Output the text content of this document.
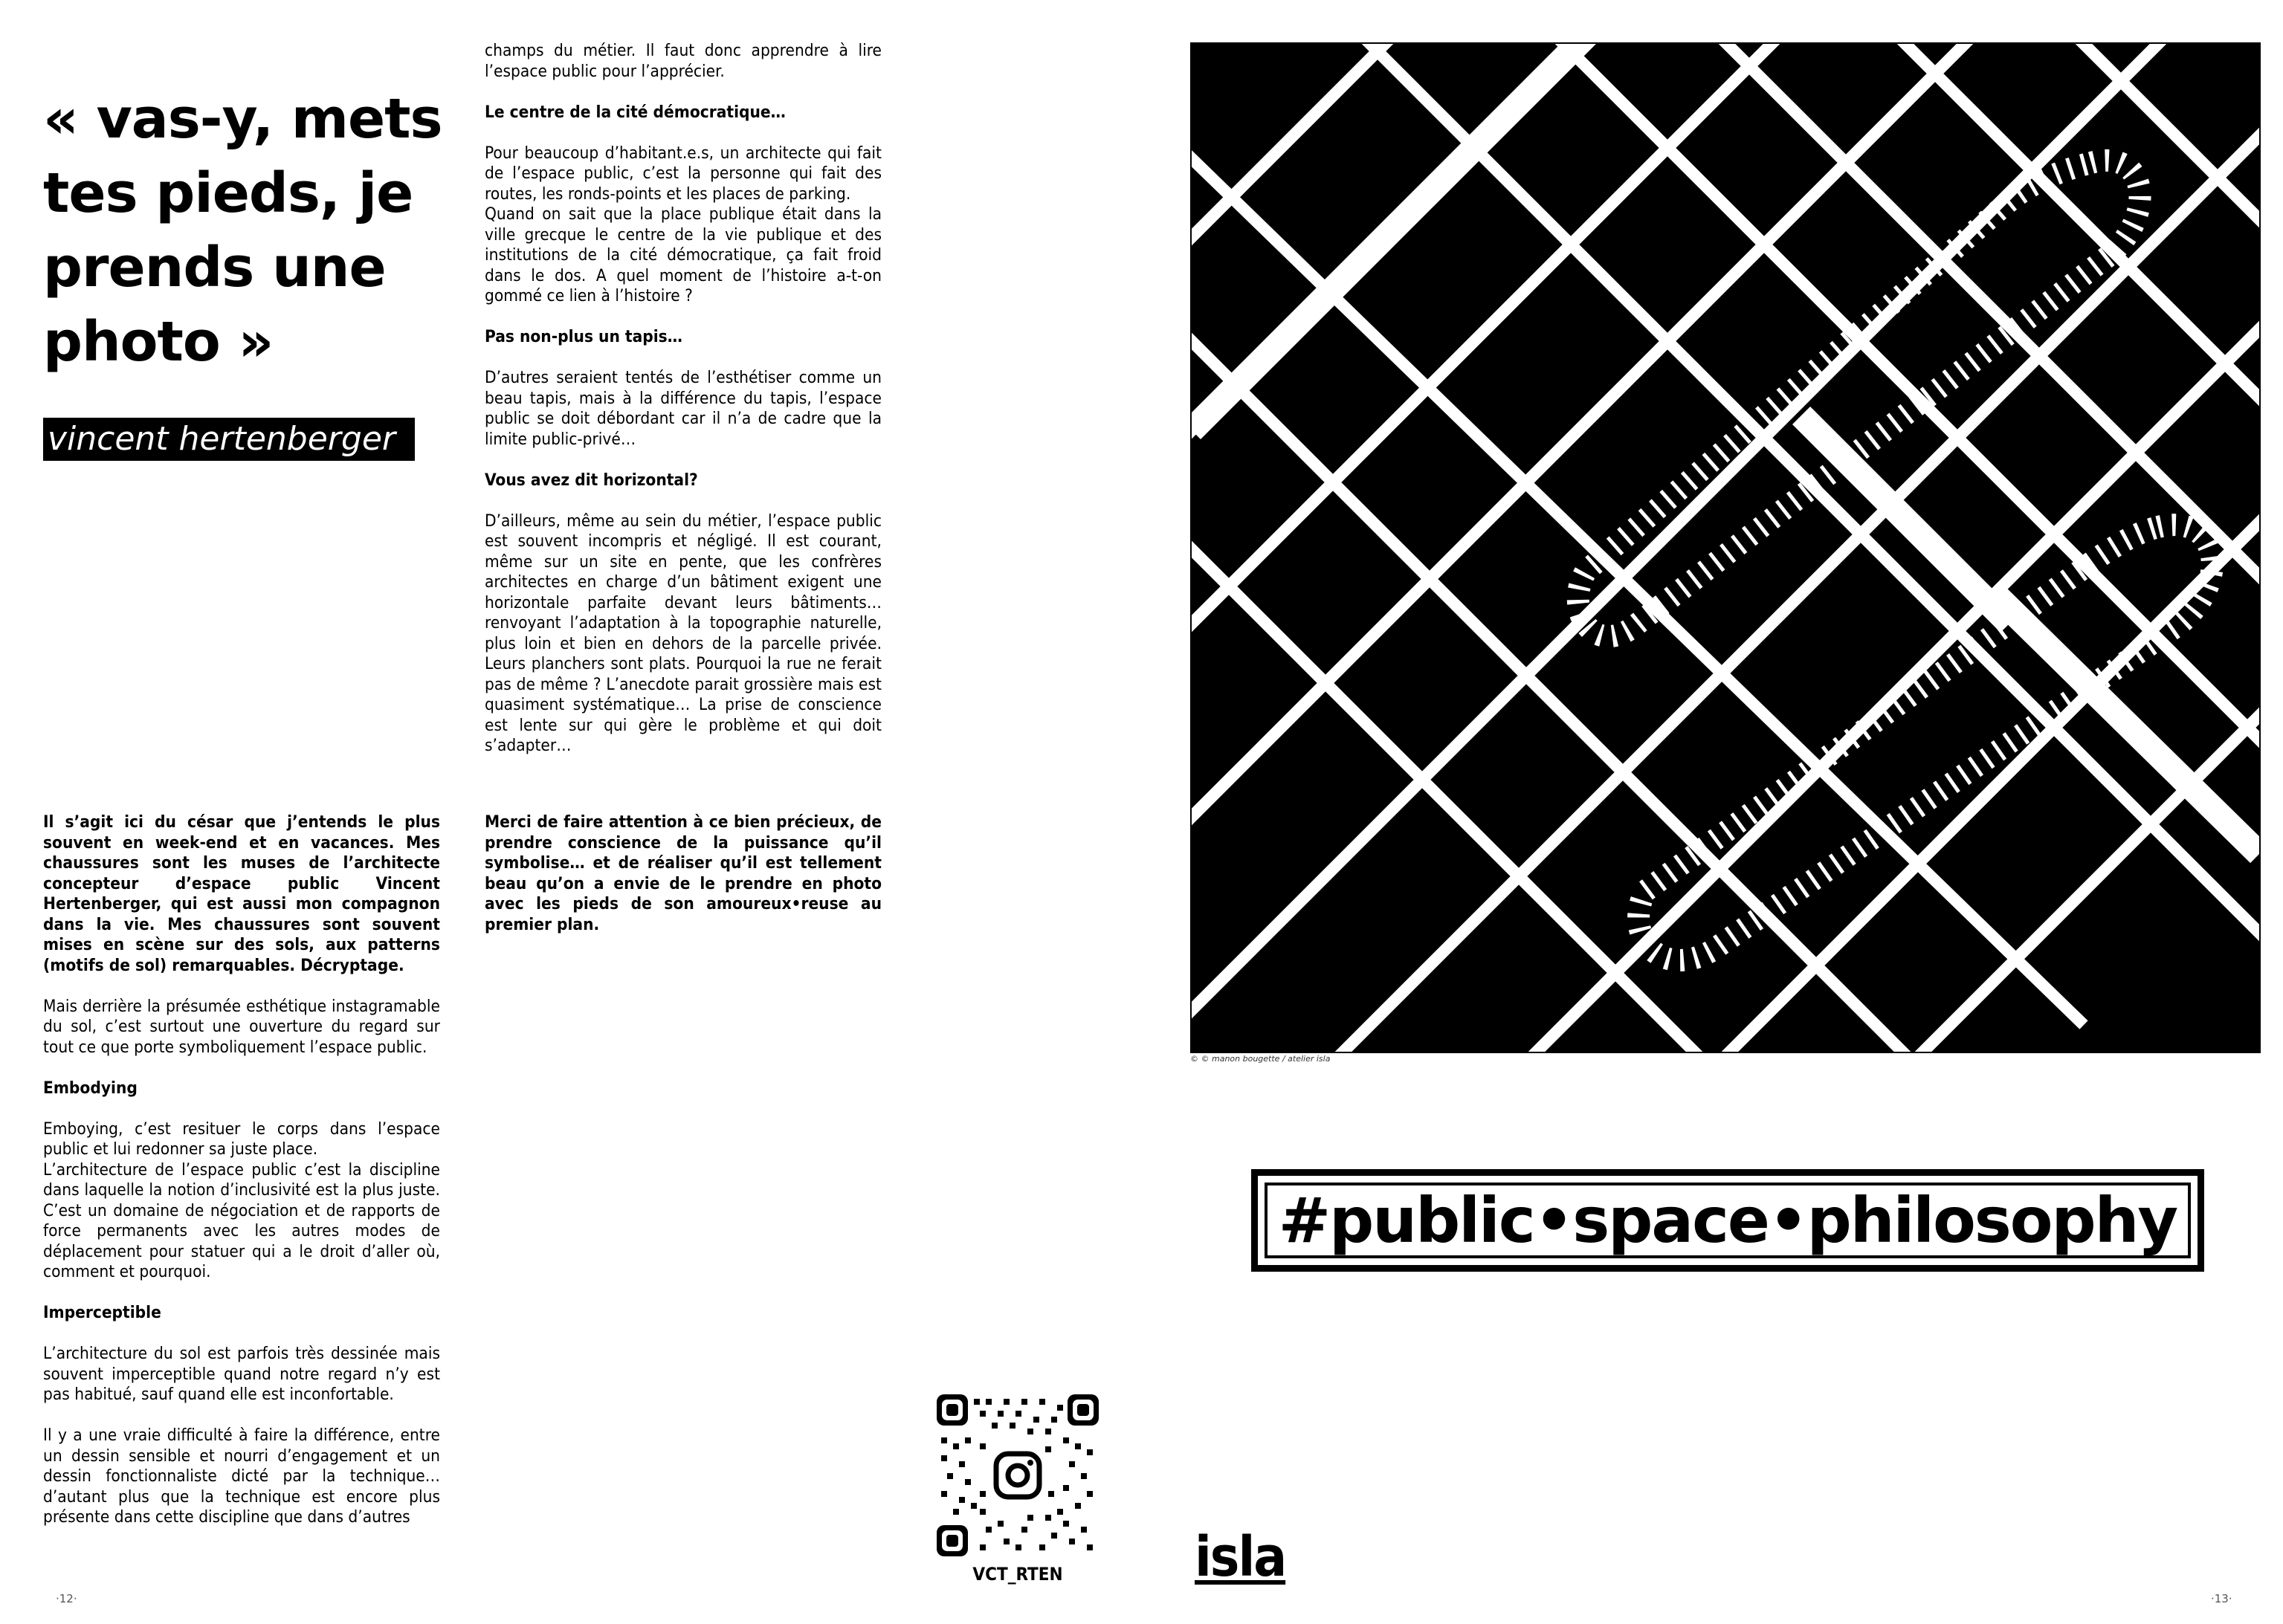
« vas-y, mets tes pieds, je prends une photo »
vincent hertenberger

Il s’agit ici du césar que j’entends le plus souvent en week-end et en vacances. Mes chaussures sont les muses de l’architecte concepteur d’espace public Vincent Hertenberger, qui est aussi mon compagnon dans la vie. Mes chaussures sont souvent mises en scène sur des sols, aux patterns (motifs de sol) remarquables. Décryptage.

Mais derrière la présumée esthétique instagramable du sol, c’est surtout une ouverture du regard sur tout ce que porte symboliquement l’espace public.

Embodying

Emboying, c’est resituer le corps dans l’espace public et lui redonner sa juste place.

L’architecture de l’espace public c’est la discipline dans laquelle la notion d’inclusivité est la plus juste. C’est un domaine de négociation et de rapports de force permanents avec les autres modes de déplacement pour statuer qui a le droit d’aller où, comment et pourquoi.

Imperceptible

L’architecture du sol est parfois très dessinée mais souvent imperceptible quand notre regard n’y est pas habitué, sauf quand elle est inconfortable.

Il y a une vraie difficulté à faire la différence, entre un dessin sensible et nourri d’engagement et un dessin fonctionnaliste dicté par la technique… d’autant plus que la technique est encore plus présente dans cette discipline que dans d’autres

champs du métier. Il faut donc apprendre à lire l’espace public pour l’apprécier.

Le centre de la cité démocratique…

Pour beaucoup d’habitant.e.s, un architecte qui fait de l’espace public, c’est la personne qui fait des routes, les ronds-points et les places de parking.

Quand on sait que la place publique était dans la ville grecque le centre de la vie publique et des institutions de la cité démocratique, ça fait froid dans le dos. A quel moment de l’histoire a-t-on gommé ce lien à l’histoire ?

Pas non-plus un tapis…

D’autres seraient tentés de l’esthétiser comme un beau tapis, mais à la différence du tapis, l’espace public se doit débordant car il n’a de cadre que la limite public-privé…

Vous avez dit horizontal?

D’ailleurs, même au sein du métier, l’espace public est souvent incompris et négligé. Il est courant, même sur un site en pente, que les confrères architectes en charge d’un bâtiment exigent une horizontale parfaite devant leurs bâtiments… renvoyant l’adaptation à la topographie naturelle, plus loin et bien en dehors de la parcelle privée. Leurs planchers sont plats. Pourquoi la rue ne ferait pas de même ? L’anecdote parait grossière mais est quasiment systématique… La prise de conscience est lente sur qui gère le problème et qui doit s’adapter…

Merci de faire attention à ce bien précieux, de prendre conscience de la puissance qu’il symbolise… et de réaliser qu’il est tellement beau qu’on a envie de le prendre en photo avec les pieds de son amoureux•reuse au premier plan.

·12·
© © manon bougette / atelier isla
#public•space•philosophy
VCT_RTEN	isla
·13·
